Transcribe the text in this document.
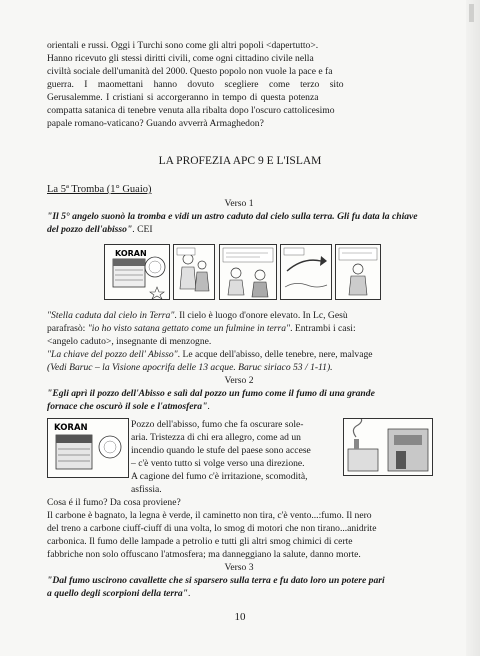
orientali e russi. Oggi i Turchi sono come gli altri popoli <dapertutto>.

Hanno ricevuto gli stessi diritti civili, come ogni cittadino civile nella

civiltà sociale dell'umanità del 2000. Questo popolo non vuole la pace e fa

guerra. I maomettani hanno dovuto scegliere come terzo sito

Gerusalemme. I cristiani si accorgeranno in tempo di questa potenza

compatta satanica di tenebre venuta alla ribalta dopo l'oscuro cattolicesimo

papale romano-vaticano? Guando avverrà Armaghedon?

LA PROFEZIA APC 9 E L'ISLAM

La 5ª Tromba (1° Guaio)

Verso 1

"Il 5° angelo suonò la tromba e vidi un astro caduto dal cielo sulla terra. Gli fu data la chiave del pozzo dell'abisso". CEI

KORAN

"Stella caduta dal cielo in Terra". Il cielo è luogo d'onore elevato. In Lc, Gesù

parafrasò: "io ho visto satana gettato come un fulmine in terra". Entrambi i casi:

<angelo caduto>, insegnante di menzogne.

"La chiave del pozzo dell' Abisso". Le acque dell'abisso, delle tenebre, nere, malvage

(Vedi Baruc – la Visione apocrifa delle 13 acque. Baruc siriaco 53 / 1-11).

Verso 2

"Egli aprì il pozzo dell'Abisso e salì dal pozzo un fumo come il fumo di una grande

fornace che oscurò il sole e l'atmosfera".

KORAN	Pozzo dell'abisso, fumo che fa oscurare sole-

aria. Tristezza di chi era allegro, come ad un

incendio quando le stufe del paese sono accese

– c'è vento tutto si volge verso una direzione.

A cagione del fumo c'è irritazione, scomodità,

asfissia.

Cosa é il fumo? Da cosa proviene?

Il carbone è bagnato, la legna è verde, il caminetto non tira, c'è vento...:fumo. Il nero

del treno a carbone ciuff-ciuff di una volta, lo smog di motori che non tirano...anidrite

carbonica. Il fumo delle lampade a petrolio e tutti gli altri smog chimici di certe

fabbriche non solo offuscano l'atmosfera; ma danneggiano la salute, danno morte.

Verso 3

"Dal fumo uscirono cavallette che si sparsero sulla terra e fu dato loro un potere pari

a quello degli scorpioni della terra".

10
